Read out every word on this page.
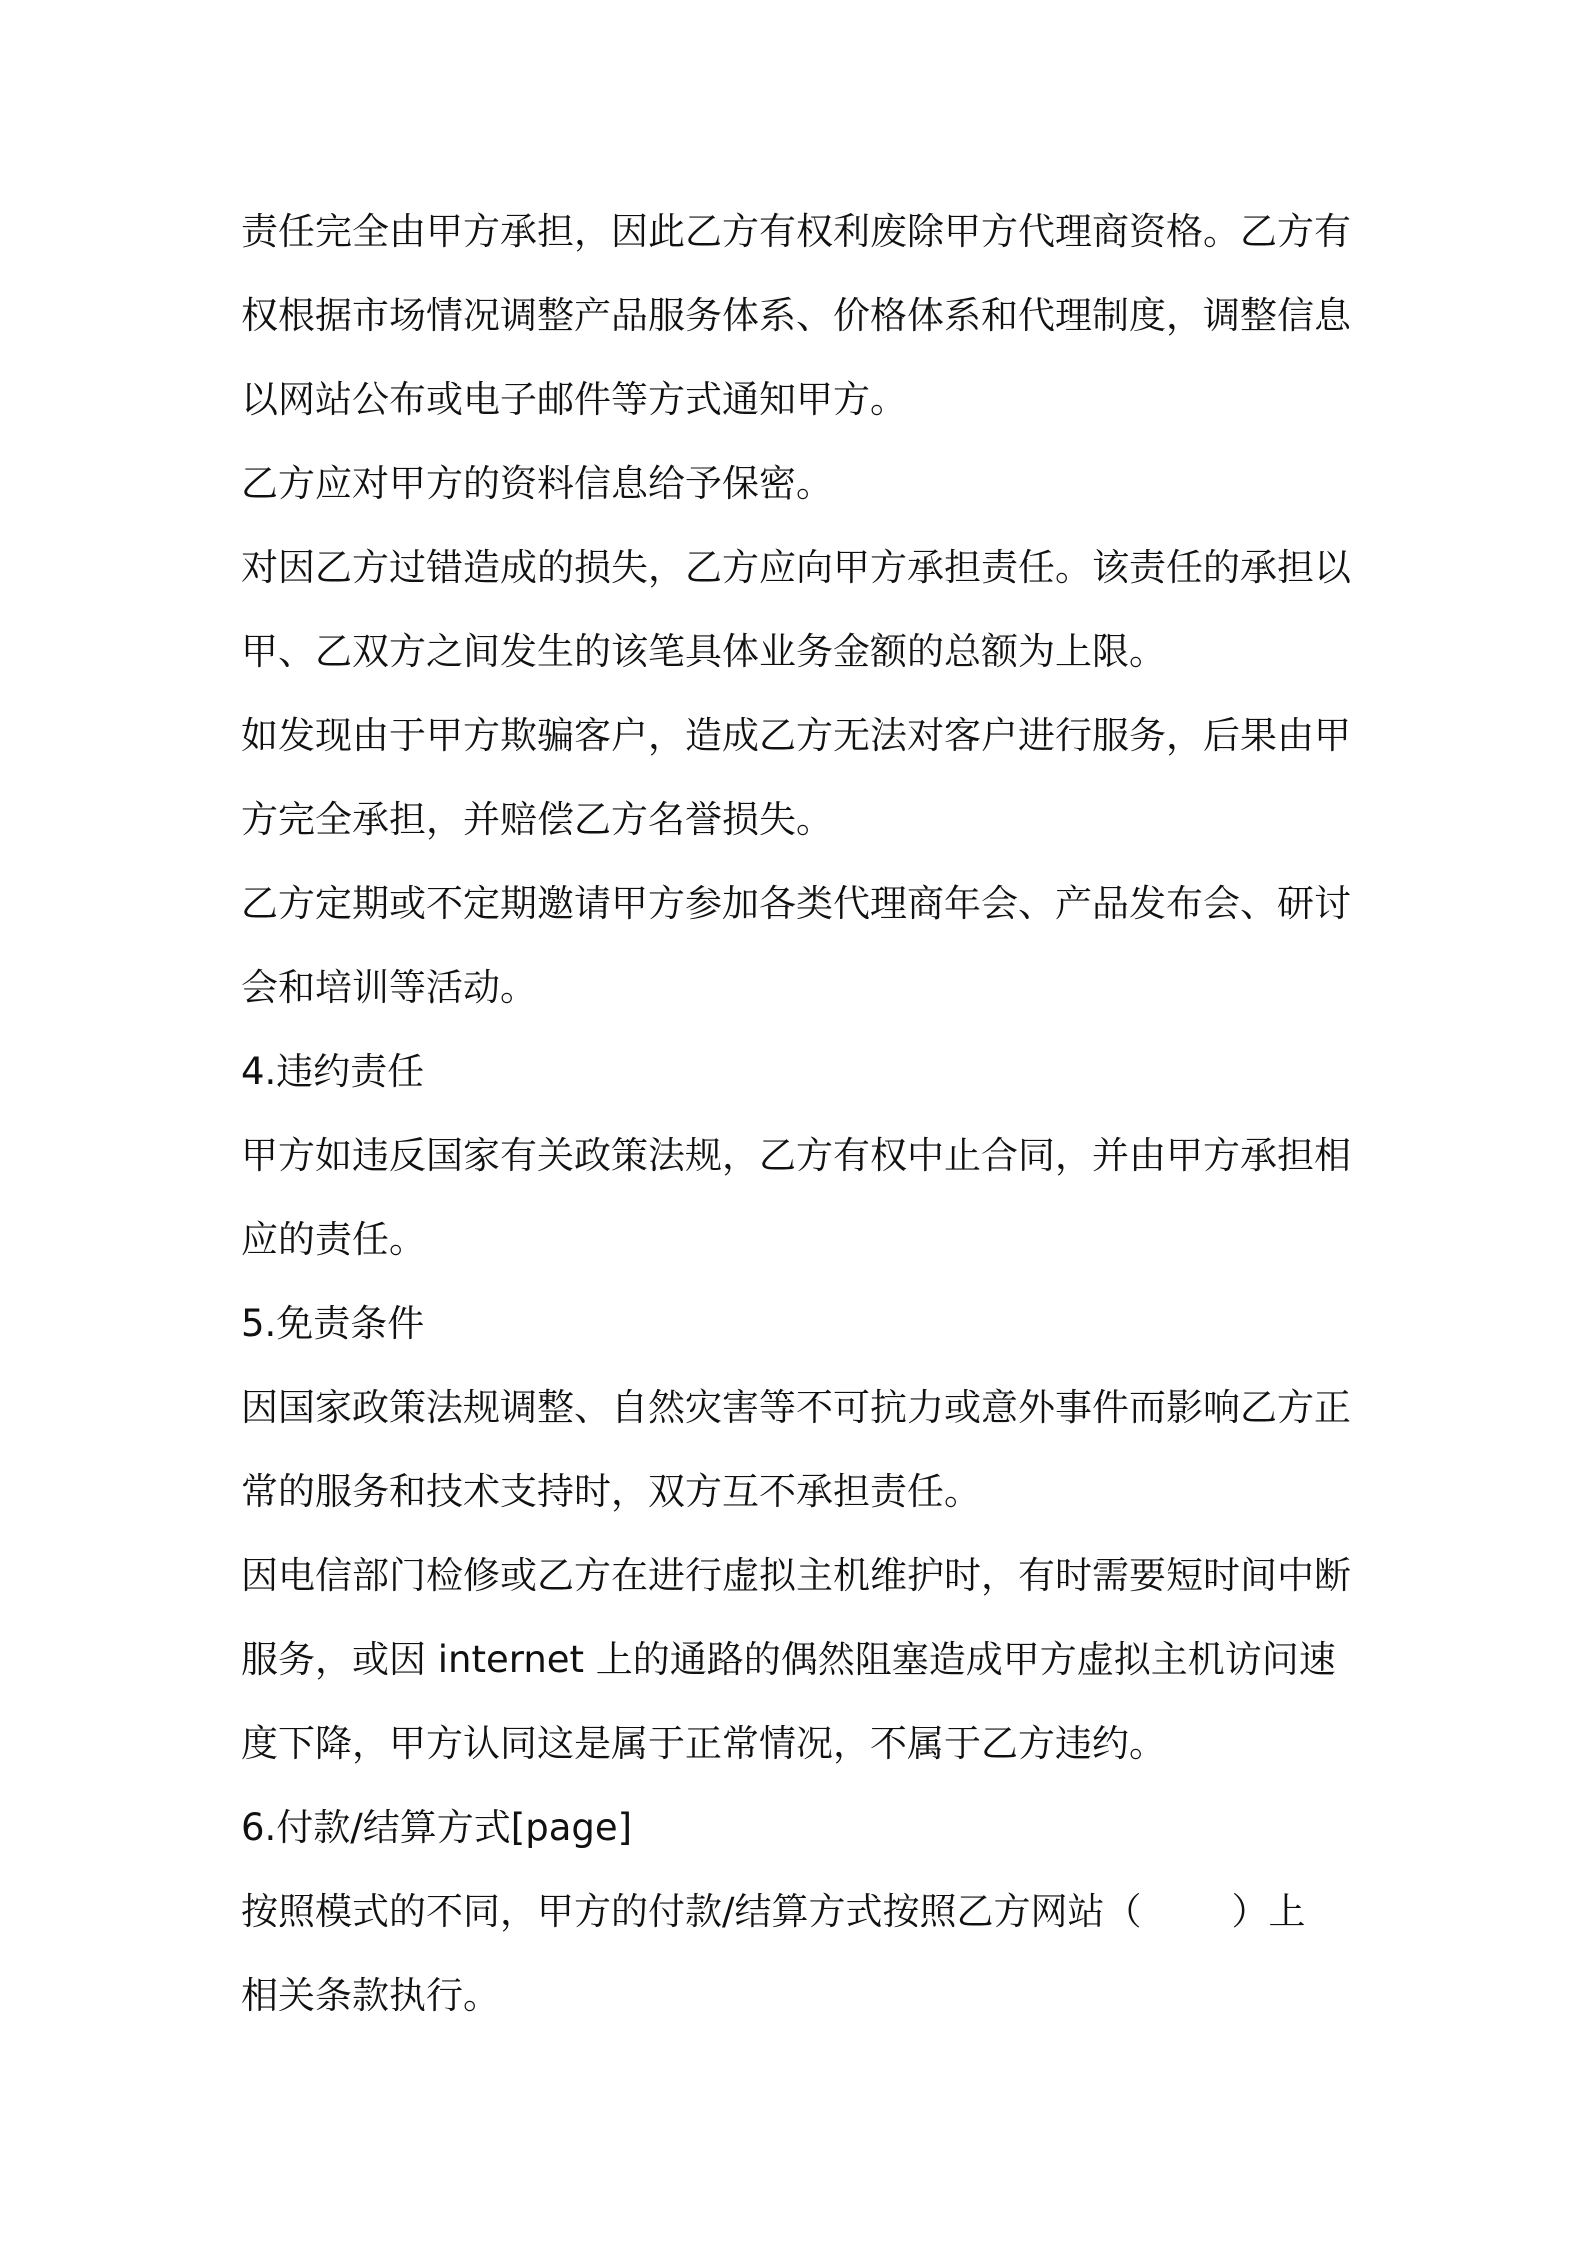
责任完全由甲方承担，因此乙方有权利废除甲方代理商资格。乙方有

权根据市场情况调整产品服务体系、价格体系和代理制度，调整信息

以网站公布或电子邮件等方式通知甲方。

乙方应对甲方的资料信息给予保密。

对因乙方过错造成的损失，乙方应向甲方承担责任。该责任的承担以

甲、乙双方之间发生的该笔具体业务金额的总额为上限。

如发现由于甲方欺骗客户，造成乙方无法对客户进行服务，后果由甲

方完全承担，并赔偿乙方名誉损失。

乙方定期或不定期邀请甲方参加各类代理商年会、产品发布会、研讨

会和培训等活动。

4.违约责任

甲方如违反国家有关政策法规，乙方有权中止合同，并由甲方承担相

应的责任。

5.免责条件

因国家政策法规调整、自然灾害等不可抗力或意外事件而影响乙方正

常的服务和技术支持时，双方互不承担责任。

因电信部门检修或乙方在进行虚拟主机维护时，有时需要短时间中断

服务，或因 internet 上的通路的偶然阻塞造成甲方虚拟主机访问速

度下降，甲方认同这是属于正常情况，不属于乙方违约。

6.付款/结算方式[page]

按照模式的不同，甲方的付款/结算方式按照乙方网站（ ）上

相关条款执行。
